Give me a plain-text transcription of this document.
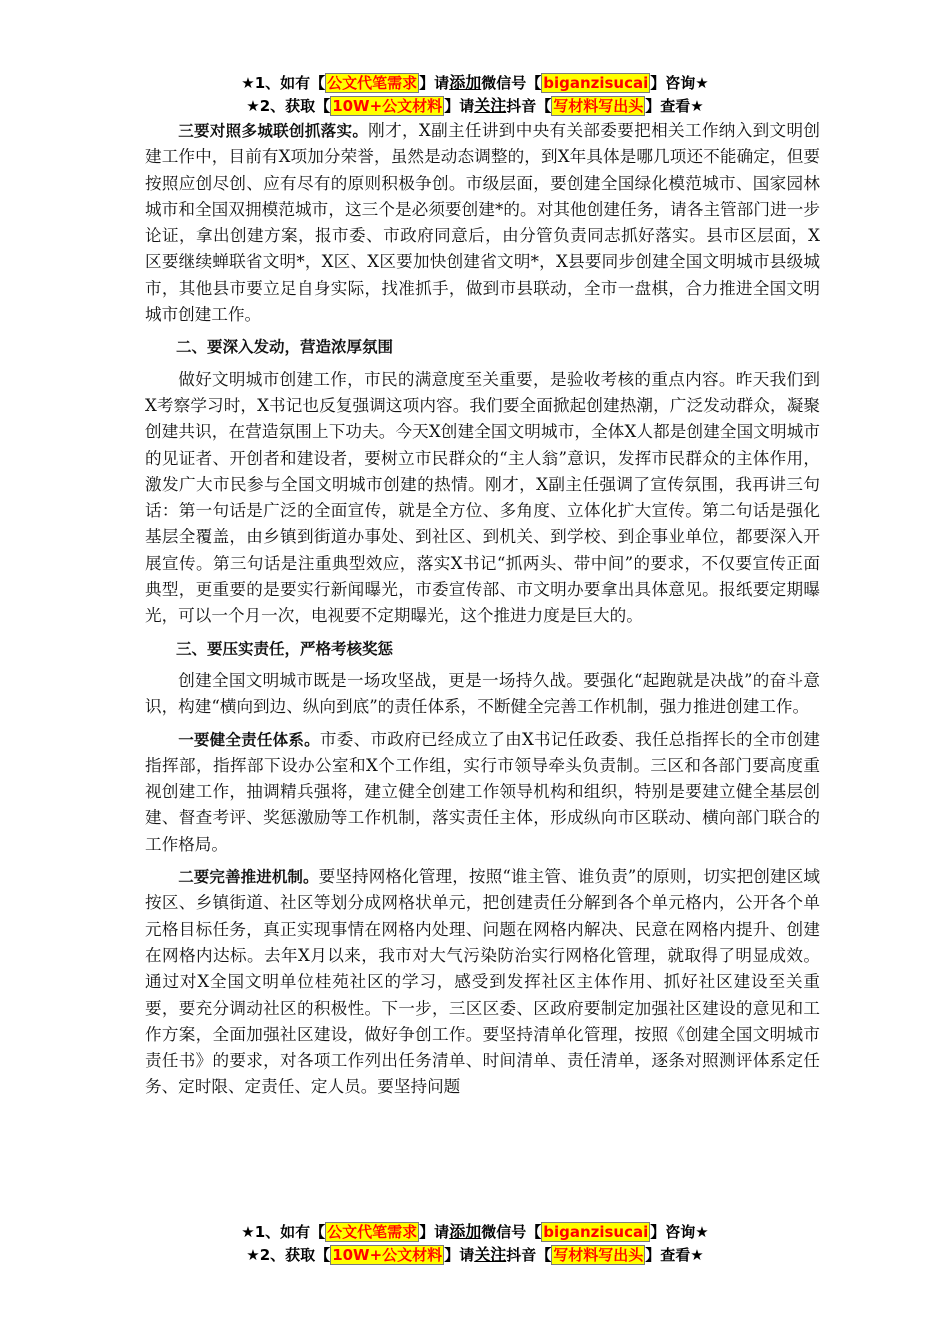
★1、如有【 公文代笔需求 】请添加微信号【 biganzisucai 】咨询★
★2、获取【 10W+公文材料 】请关注抖音【 写材料写出头 】查看★

三要对照多城联创抓落实。刚才，X副主任讲到中央有关部委要把相关工作纳入到文明创建工作中，目前有X项加分荣誉，虽然是动态调整的，到X年具体是哪几项还不能确定，但要按照应创尽创、应有尽有的原则积极争创。市级层面，要创建全国绿化模范城市、国家园林城市和全国双拥模范城市，这三个是必须要创建*的。对其他创建任务，请各主管部门进一步论证，拿出创建方案，报市委、市政府同意后，由分管负责同志抓好落实。县市区层面，X区要继续蝉联省文明*，X区、X区要加快创建省文明*，X县要同步创建全国文明城市县级城市，其他县市要立足自身实际，找准抓手，做到市县联动，全市一盘棋，合力推进全国文明城市创建工作。

二、要深入发动，营造浓厚氛围

做好文明城市创建工作，市民的满意度至关重要，是验收考核的重点内容。昨天我们到X考察学习时，X书记也反复强调这项内容。我们要全面掀起创建热潮，广泛发动群众，凝聚创建共识，在营造氛围上下功夫。今天X创建全国文明城市，全体X人都是创建全国文明城市的见证者、开创者和建设者，要树立市民群众的“主人翁”意识，发挥市民群众的主体作用，激发广大市民参与全国文明城市创建的热情。刚才，X副主任强调了宣传氛围，我再讲三句话：第一句话是广泛的全面宣传，就是全方位、多角度、立体化扩大宣传。第二句话是强化基层全覆盖，由乡镇到街道办事处、到社区、到机关、到学校、到企事业单位，都要深入开展宣传。第三句话是注重典型效应，落实X书记“抓两头、带中间”的要求，不仅要宣传正面典型，更重要的是要实行新闻曝光，市委宣传部、市文明办要拿出具体意见。报纸要定期曝光，可以一个月一次，电视要不定期曝光，这个推进力度是巨大的。

三、要压实责任，严格考核奖惩

创建全国文明城市既是一场攻坚战，更是一场持久战。要强化“起跑就是决战”的奋斗意识，构建“横向到边、纵向到底”的责任体系，不断健全完善工作机制，强力推进创建工作。

一要健全责任体系。市委、市政府已经成立了由X书记任政委、我任总指挥长的全市创建指挥部，指挥部下设办公室和X个工作组，实行市领导牵头负责制。三区和各部门要高度重视创建工作，抽调精兵强将，建立健全创建工作领导机构和组织，特别是要建立健全基层创建、督查考评、奖惩激励等工作机制，落实责任主体，形成纵向市区联动、横向部门联合的工作格局。

二要完善推进机制。要坚持网格化管理，按照“谁主管、谁负责”的原则，切实把创建区域按区、乡镇街道、社区等划分成网格状单元，把创建责任分解到各个单元格内，公开各个单元格目标任务，真正实现事情在网格内处理、问题在网格内解决、民意在网格内提升、创建在网格内达标。去年X月以来，我市对大气污染防治实行网格化管理，就取得了明显成效。通过对X全国文明单位桂苑社区的学习，感受到发挥社区主体作用、抓好社区建设至关重要，要充分调动社区的积极性。下一步，三区区委、区政府要制定加强社区建设的意见和工作方案，全面加强社区建设，做好争创工作。要坚持清单化管理，按照《创建全国文明城市责任书》的要求，对各项工作列出任务清单、时间清单、责任清单，逐条对照测评体系定任务、定时限、定责任、定人员。要坚持问题

★1、如有【 公文代笔需求 】请添加微信号【 biganzisucai 】咨询★
★2、获取【 10W+公文材料 】请关注抖音【 写材料写出头 】查看★
